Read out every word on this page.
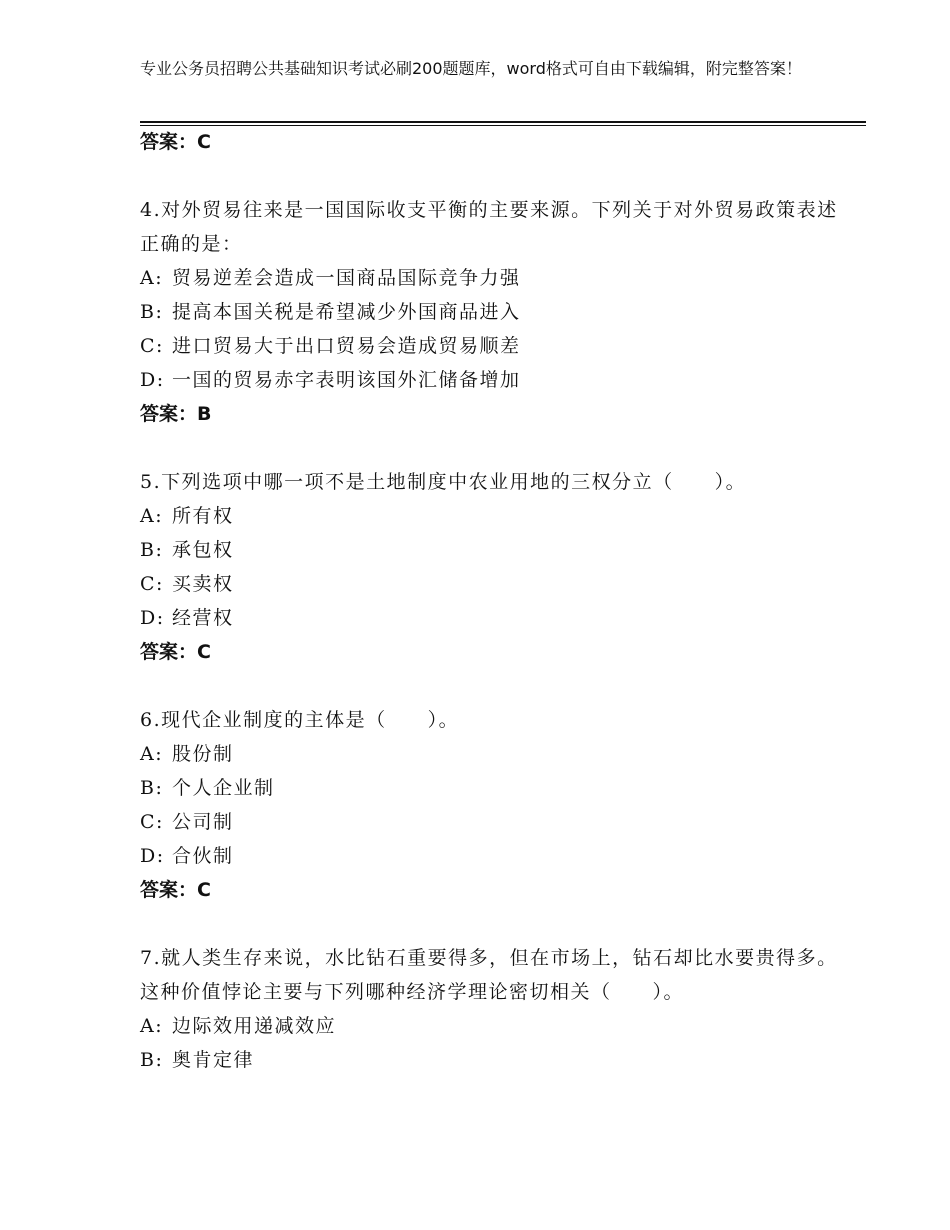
专业公务员招聘公共基础知识考试必刷200题题库，word格式可自由下载编辑，附完整答案！
答案：C
4.对外贸易往来是一国国际收支平衡的主要来源。下列关于对外贸易政策表述正确的是：
A: 贸易逆差会造成一国商品国际竞争力强
B: 提高本国关税是希望减少外国商品进入
C: 进口贸易大于出口贸易会造成贸易顺差
D: 一国的贸易赤字表明该国外汇储备增加
答案：B
5.下列选项中哪一项不是土地制度中农业用地的三权分立（　　）。
A: 所有权
B: 承包权
C: 买卖权
D: 经营权
答案：C
6.现代企业制度的主体是（　　）。
A: 股份制
B: 个人企业制
C: 公司制
D: 合伙制
答案：C
7.就人类生存来说，水比钻石重要得多，但在市场上，钻石却比水要贵得多。这种价值悖论主要与下列哪种经济学理论密切相关（　　）。
A: 边际效用递减效应
B: 奥肯定律
